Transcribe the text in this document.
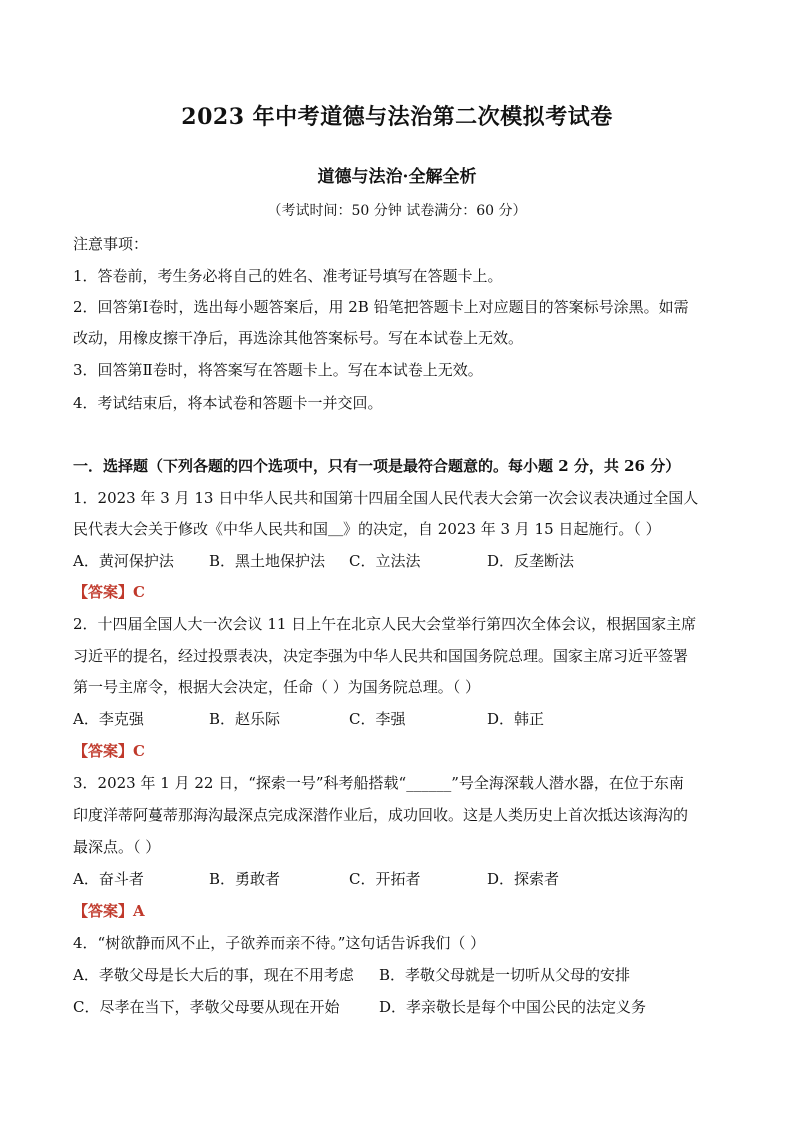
2023 年中考道德与法治第二次模拟考试卷
道德与法治·全解全析
（考试时间：50 分钟 试卷满分：60 分）
注意事项：
1．答卷前，考生务必将自己的姓名、准考证号填写在答题卡上。
2．回答第Ⅰ卷时，选出每小题答案后，用 2B 铅笔把答题卡上对应题目的答案标号涂黑。如需
改动，用橡皮擦干净后，再选涂其他答案标号。写在本试卷上无效。
3．回答第Ⅱ卷时，将答案写在答题卡上。写在本试卷上无效。
4．考试结束后，将本试卷和答题卡一并交回。
一．选择题（下列各题的四个选项中，只有一项是最符合题意的。每小题 2 分，共 26 分）
1．2023 年 3 月 13 日中华人民共和国第十四届全国人民代表大会第一次会议表决通过全国人
民代表大会关于修改《中华人民共和国＿》的决定，自 2023 年 3 月 15 日起施行。（ ）
A．黄河保护法 B．黑土地保护法 C．立法法	D．反垄断法
【答案】C
2．十四届全国人大一次会议 11 日上午在北京人民大会堂举行第四次全体会议，根据国家主席
习近平的提名，经过投票表决，决定李强为中华人民共和国国务院总理。国家主席习近平签署
第一号主席令，根据大会决定，任命（ ）为国务院总理。（ ）
A．李克强	B．赵乐际	C．李强	D．韩正
【答案】C
3．2023 年 1 月 22 日，“探索一号”科考船搭载“______”号全海深载人潜水器，在位于东南
印度洋蒂阿蔓蒂那海沟最深点完成深潜作业后，成功回收。这是人类历史上首次抵达该海沟的
最深点。（ ）
A．奋斗者	B．勇敢者	C．开拓者	D．探索者
【答案】A
4．“树欲静而风不止，子欲养而亲不待。”这句话告诉我们（ ）
A．孝敬父母是长大后的事，现在不用考虑 B．孝敬父母就是一切听从父母的安排
C．尽孝在当下，孝敬父母要从现在开始	D．孝亲敬长是每个中国公民的法定义务
